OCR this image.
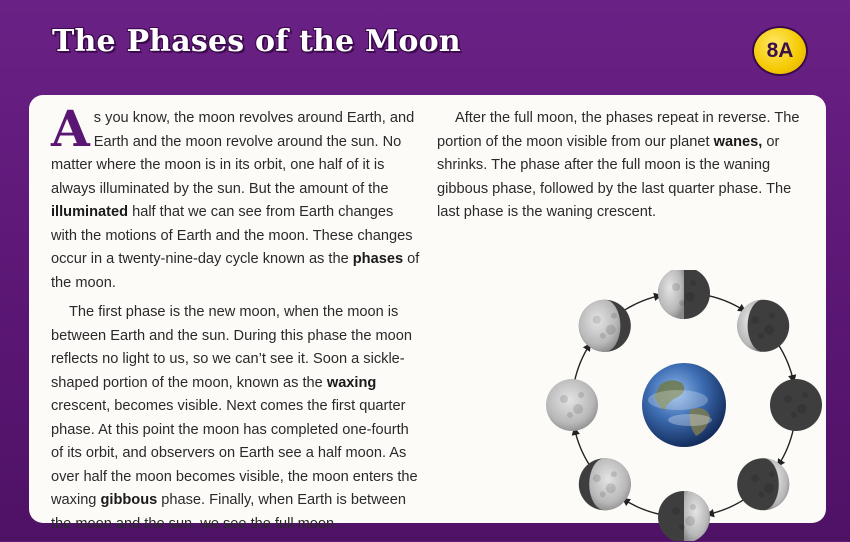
The Phases of the Moon	8A

As you know, the moon revolves around Earth, and Earth and the moon revolve around the sun. No matter where the moon is in its orbit, one half of it is always illuminated by the sun. But the amount of the illuminated half that we can see from Earth changes with the motions of Earth and the moon. These changes occur in a twenty-nine-day cycle known as the phases of the moon.

The first phase is the new moon, when the moon is between Earth and the sun. During this phase the moon reflects no light to us, so we can’t see it. Soon a sickle-shaped portion of the moon, known as the waxing crescent, becomes visible. Next comes the first quarter phase. At this point the moon has completed one-fourth of its orbit, and observers on Earth see a half moon. As over half the moon becomes visible, the moon enters the waxing gibbous phase. Finally, when Earth is between the moon and the sun, we see the full moon.

After the full moon, the phases repeat in reverse. The portion of the moon visible from our planet wanes, or shrinks. The phase after the full moon is the waning gibbous phase, followed by the last quarter phase. The last phase is the waning crescent.
